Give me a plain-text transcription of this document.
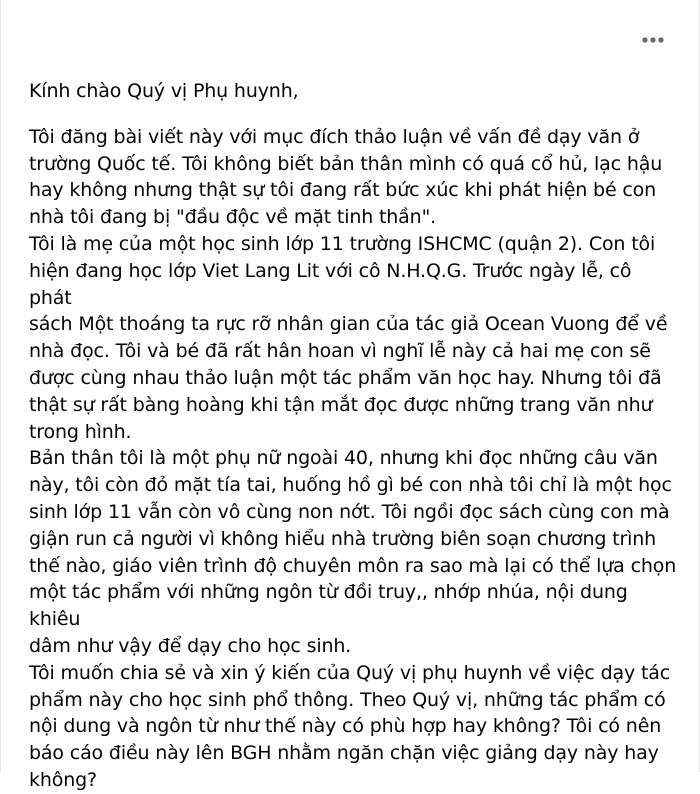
Kính chào Quý vị Phụ huynh,

Tôi đăng bài viết này với mục đích thảo luận về vấn đề dạy văn ở
trường Quốc tế. Tôi không biết bản thân mình có quá cổ hủ, lạc hậu
hay không nhưng thật sự tôi đang rất bức xúc khi phát hiện bé con
nhà tôi đang bị "đầu độc về mặt tinh thần".

Tôi là mẹ của một học sinh lớp 11 trường ISHCMC (quận 2). Con tôi
hiện đang học lớp Viet Lang Lit với cô N.H.Q.G. Trước ngày lễ, cô phát
sách Một thoáng ta rực rỡ nhân gian của tác giả Ocean Vuong để về
nhà đọc. Tôi và bé đã rất hân hoan vì nghĩ lễ này cả hai mẹ con sẽ
được cùng nhau thảo luận một tác phẩm văn học hay. Nhưng tôi đã
thật sự rất bàng hoàng khi tận mắt đọc được những trang văn như
trong hình.

Bản thân tôi là một phụ nữ ngoài 40, nhưng khi đọc những câu văn
này, tôi còn đỏ mặt tía tai, huống hồ gì bé con nhà tôi chỉ là một học
sinh lớp 11 vẫn còn vô cùng non nớt. Tôi ngồi đọc sách cùng con mà
giận run cả người vì không hiểu nhà trường biên soạn chương trình
thế nào, giáo viên trình độ chuyên môn ra sao mà lại có thể lựa chọn
một tác phẩm với những ngôn từ đồi truy,, nhớp nhúa, nội dung khiêu
dâm như vậy để dạy cho học sinh.

Tôi muốn chia sẻ và xin ý kiến của Quý vị phụ huynh về việc dạy tác
phẩm này cho học sinh phổ thông. Theo Quý vị, những tác phẩm có
nội dung và ngôn từ như thế này có phù hợp hay không? Tôi có nên
báo cáo điều này lên BGH nhằm ngăn chặn việc giảng dạy này hay
không?
